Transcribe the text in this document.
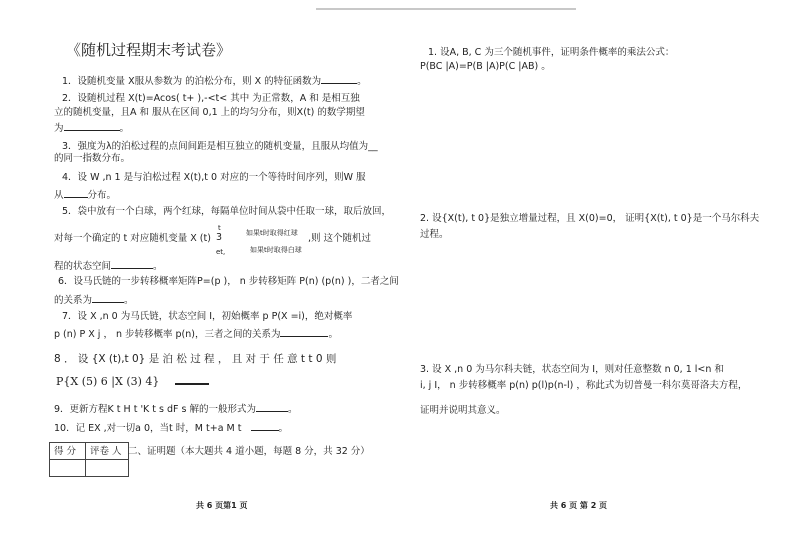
《随机过程期末考试卷》
1．设随机变量 X服从参数为 的泊松分布，则 X 的特征函数为	。
2．设随机过程 X(t)=Acos( t+ ),-<t< 其中 为正常数，A 和 是相互独
立的随机变量，且A 和 服从在区间 0,1 上的均匀分布，则X(t) 的数学期望
为	。
3．强度为λ的泊松过程的点间间距是相互独立的随机变量，且服从均值为__
的同一指数分布。
4．设 W ,n 1 是与泊松过程 X(t),t 0 对应的一个等待时间序列，则W 服
从	分布。
5．袋中放有一个白球，两个红球，每隔单位时间从袋中任取一球，取后放回，
对每一个确定的 t 对应随机变量 X (t)
t
3
et,
如果t时取得红球
如果t时取得白球
,则 这个随机过
程的状态空间	。
6．设马氏链的一步转移概率矩阵P=(p )， n 步转移矩阵 P(n) (p(n) )，二者之间
的关系为	。
7．设 X ,n 0 为马氏链，状态空间 I，初始概率 p P(X =i)，绝对概率
p (n) P X j ， n 步转移概率 p(n)，三者之间的关系为	。
8 ． 设 {X (t),t 0} 是 泊 松 过 程 ， 且 对 于 任 意 t t 0 则
P{X (5) 6 |X (3) 4}
9．更新方程K t H t 'K t s dF s 解的一般形式为	。
10．记 EX ,对一切a 0，当t 时，M t+a M t	。
得 分	评卷 人
	二、证明题（本大题共 4 道小题，每题 8 分，共 32 分）
共 6 页第1 页
1. 设A, B, C 为三个随机事件，证明条件概率的乘法公式：
P(BC |A)=P(B |A)P(C |AB) 。
2. 设{X(t), t 0}是独立增量过程，且 X(0)=0， 证明{X(t), t 0}是一个马尔科夫
过程。
3. 设 X ,n 0 为马尔科夫链，状态空间为 I，则对任意整数 n 0, 1 l<n 和
i, j I， n 步转移概率 p(n) p(l)p(n-l) ，称此式为切普曼一科尔莫哥洛夫方程，
证明并说明其意义。
共 6 页 第 2 页
